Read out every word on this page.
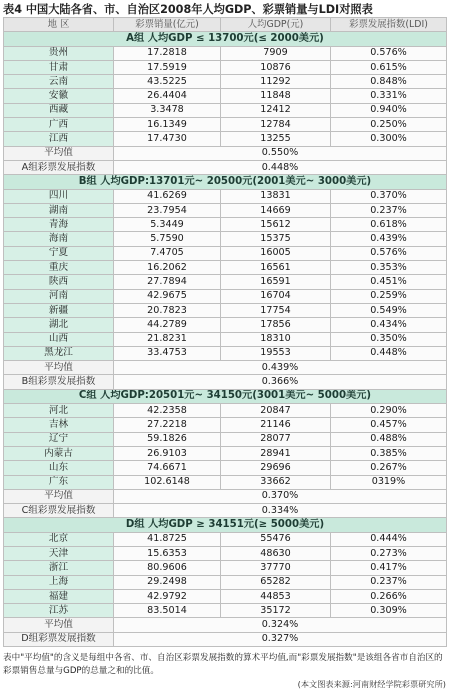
表4 中国大陆各省、市、自治区2008年人均GDP、彩票销量与LDI对照表
地 区	彩票销量(亿元)	人均GDP(元)	彩票发展指数(LDI)
A组 人均GDP ≤ 13700元(≤ 2000美元)			
贵州	17.2818	7909	0.576%
甘肃	17.5919	10876	0.615%
云南	43.5225	11292	0.848%
安徽	26.4404	11848	0.331%
西藏	3.3478	12412	0.940%
广西	16.1349	12784	0.250%
江西	17.4730	13255	0.300%
平均值	0.550%		
A组彩票发展指数	0.448%		
B组 人均GDP:13701元~ 20500元(2001美元~ 3000美元)			
四川	41.6269	13831	0.370%
湖南	23.7954	14669	0.237%
青海	5.3449	15612	0.618%
海南	5.7590	15375	0.439%
宁夏	7.4705	16005	0.576%
重庆	16.2062	16561	0.353%
陕西	27.7894	16591	0.451%
河南	42.9675	16704	0.259%
新疆	20.7823	17754	0.549%
湖北	44.2789	17856	0.434%
山西	21.8231	18310	0.350%
黑龙江	33.4753	19553	0.448%
平均值	0.439%		
B组彩票发展指数	0.366%		
C组 人均GDP:20501元~ 34150元(3001美元~ 5000美元)			
河北	42.2358	20847	0.290%
吉林	27.2218	21146	0.457%
辽宁	59.1826	28077	0.488%
内蒙古	26.9103	28941	0.385%
山东	74.6671	29696	0.267%
广东	102.6148	33662	0319%
平均值	0.370%		
C组彩票发展指数	0.334%		
D组 人均GDP ≥ 34151元(≥ 5000美元)			
北京	41.8725	55476	0.444%
天津	15.6353	48630	0.273%
浙江	80.9606	37770	0.417%
上海	29.2498	65282	0.237%
福建	42.9792	44853	0.266%
江苏	83.5014	35172	0.309%
平均值	0.324%		
D组彩票发展指数	0.327%		
表中"平均值"的含义是每组中各省、市、自治区彩票发展指数的算术平均值,而"彩票发展指数"是该组各省市自治区的彩票销售总量与GDP的总量之和的比值。
(本文图表来源:河南财经学院彩票研究所)
